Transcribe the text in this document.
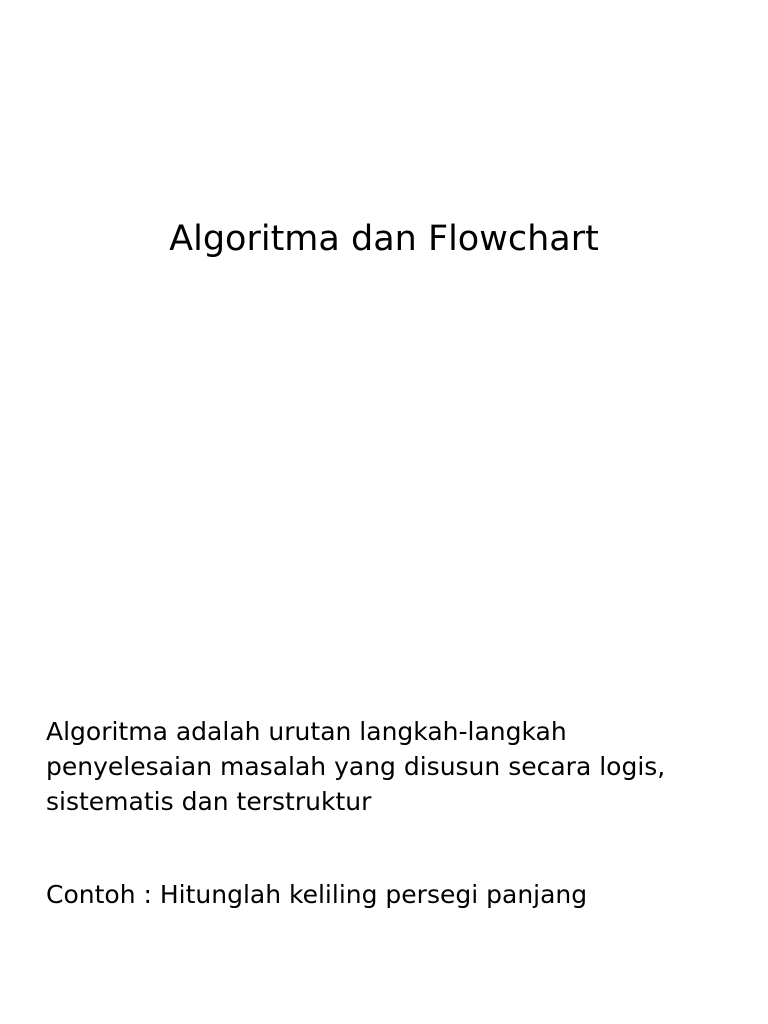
Algoritma dan Flowchart

Algoritma adalah urutan langkah-langkah

penyelesaian masalah yang disusun secara logis,

sistematis dan terstruktur

Contoh : Hitunglah keliling persegi panjang
